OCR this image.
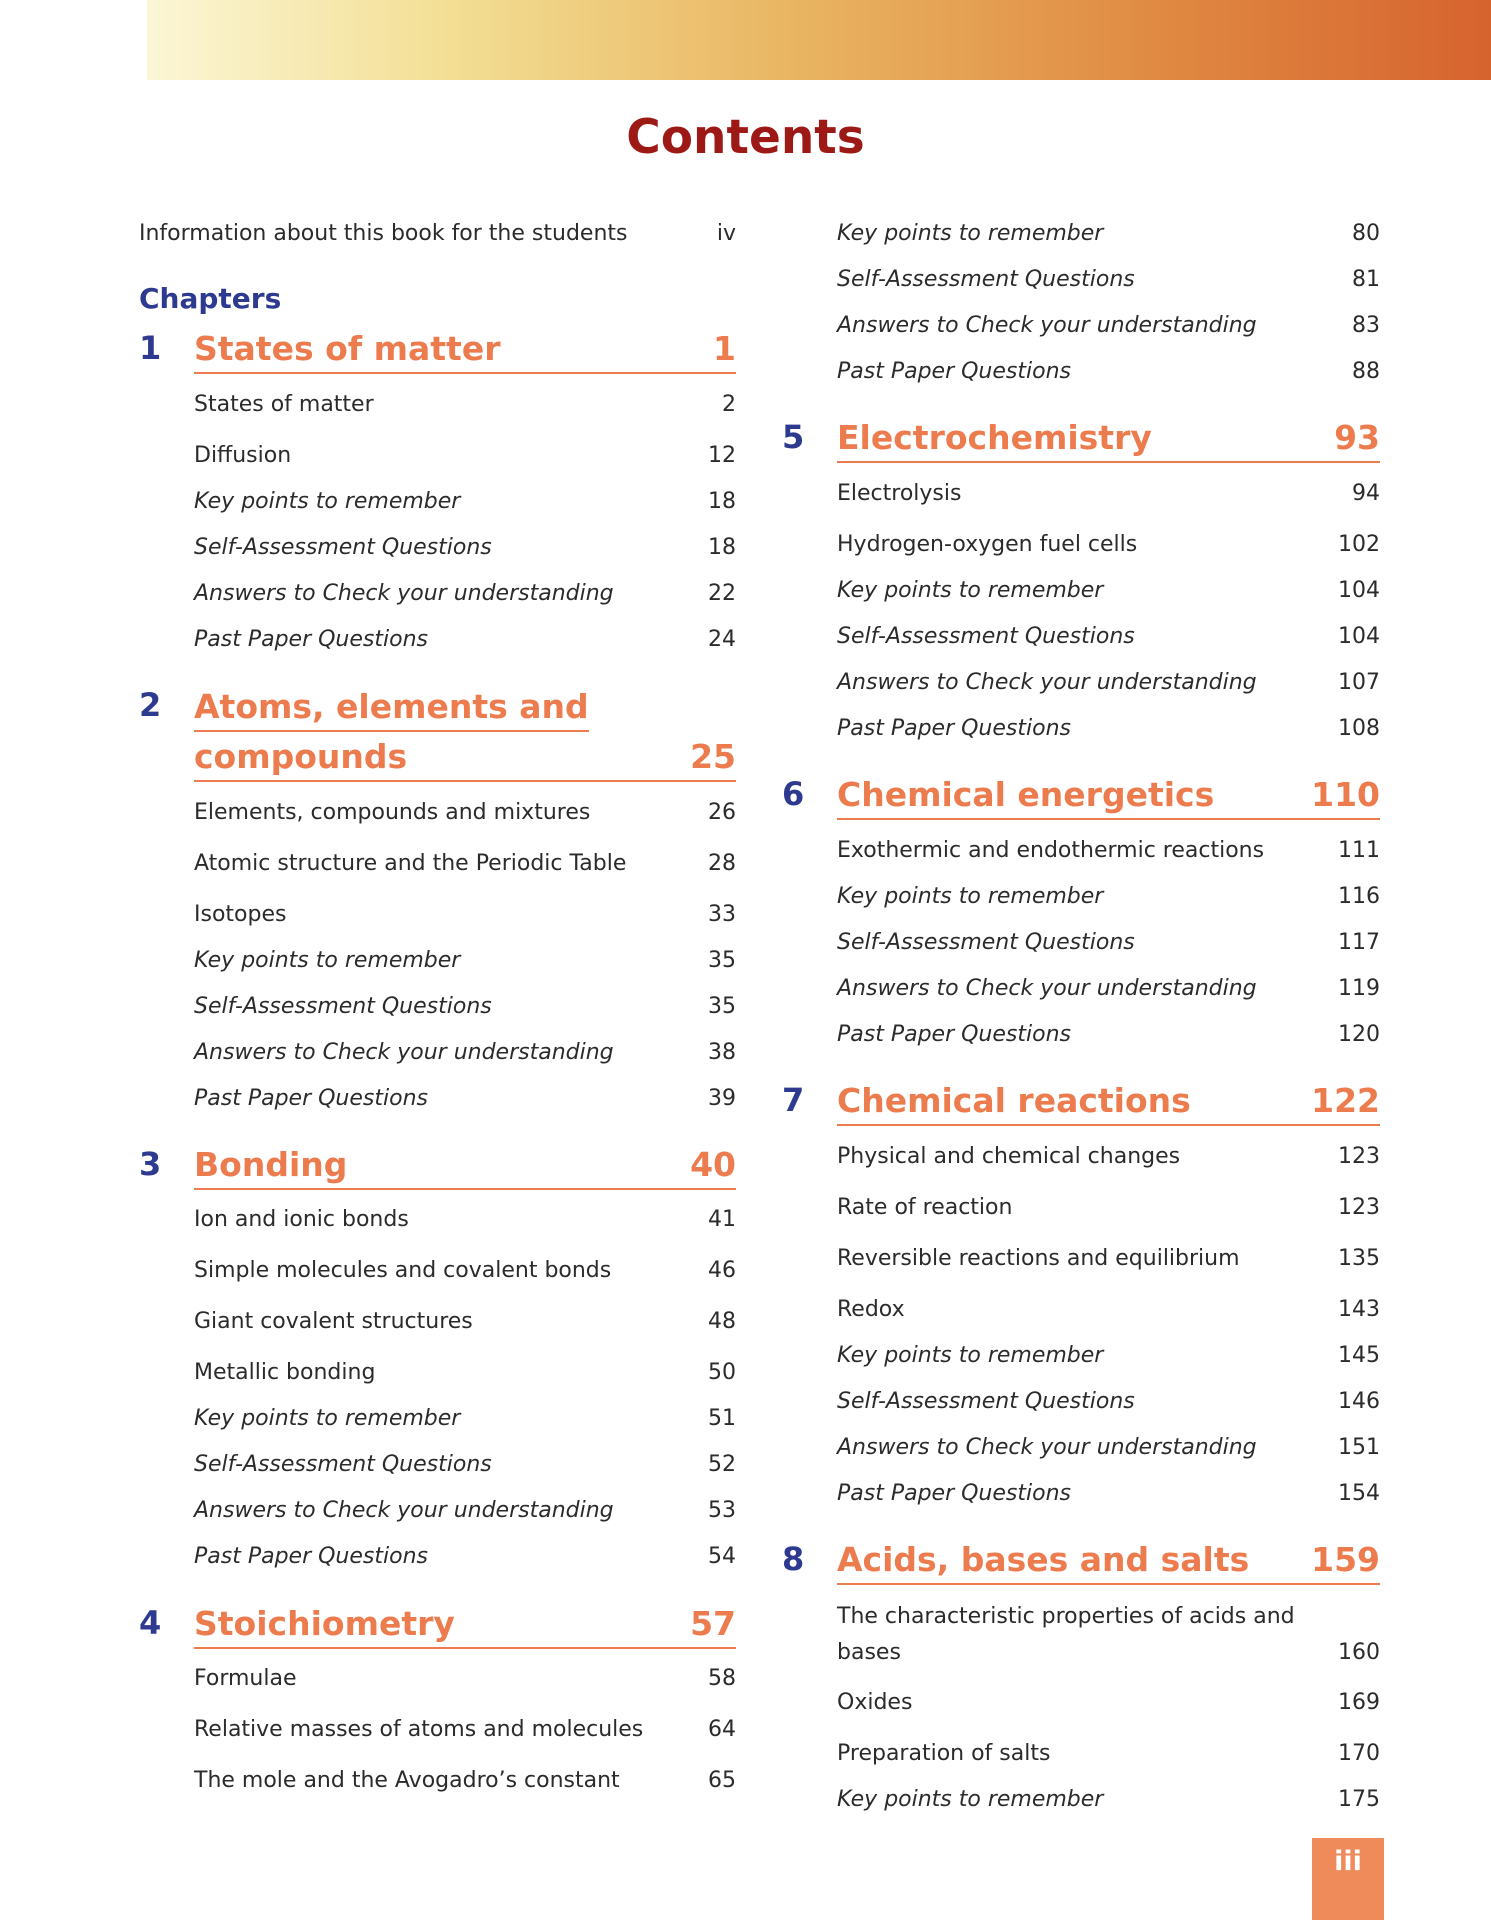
Contents
Information about this book for the students	iv
Chapters
1 States of matter	1
States of matter	2
Diffusion	12
Key points to remember	18
Self-Assessment Questions	18
Answers to Check your understanding	22
Past Paper Questions	24
2 Atoms, elements and
compounds	25
Elements, compounds and mixtures	26
Atomic structure and the Periodic Table	28
Isotopes	33
Key points to remember	35
Self-Assessment Questions	35
Answers to Check your understanding	38
Past Paper Questions	39
3 Bonding	40
Ion and ionic bonds	41
Simple molecules and covalent bonds	46
Giant covalent structures	48
Metallic bonding	50
Key points to remember	51
Self-Assessment Questions	52
Answers to Check your understanding	53
Past Paper Questions	54
4 Stoichiometry	57
Formulae	58
Relative masses of atoms and molecules	64
The mole and the Avogadro’s constant	65
Key points to remember	80
Self-Assessment Questions	81
Answers to Check your understanding	83
Past Paper Questions	88
5 Electrochemistry	93
Electrolysis	94
Hydrogen-oxygen fuel cells	102
Key points to remember	104
Self-Assessment Questions	104
Answers to Check your understanding	107
Past Paper Questions	108
6 Chemical energetics	110
Exothermic and endothermic reactions	111
Key points to remember	116
Self-Assessment Questions	117
Answers to Check your understanding	119
Past Paper Questions	120
7 Chemical reactions	122
Physical and chemical changes	123
Rate of reaction	123
Reversible reactions and equilibrium	135
Redox	143
Key points to remember	145
Self-Assessment Questions	146
Answers to Check your understanding	151
Past Paper Questions	154
8 Acids, bases and salts	159
The characteristic properties of acids and
bases	160
Oxides	169
Preparation of salts	170
Key points to remember	175
iii
